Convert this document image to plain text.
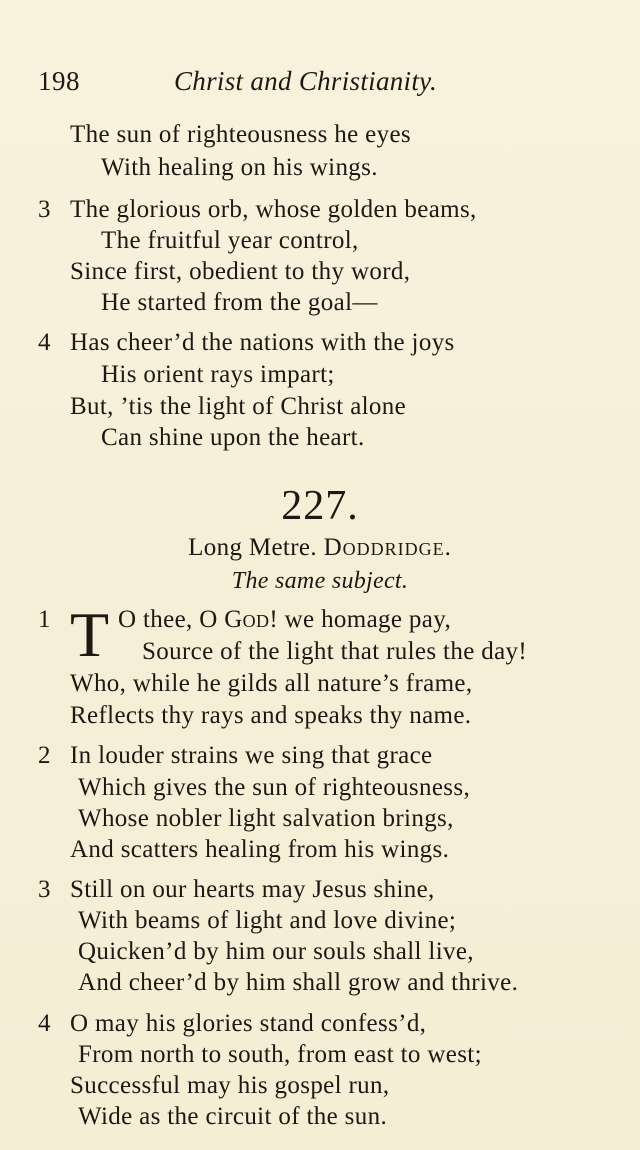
198	Christ and Christianity.
The sun of righteousness he eyes
With healing on his wings.
3 The glorious orb, whose golden beams,
The fruitful year control,
Since first, obedient to thy word,
He started from the goal—
4 Has cheer’d the nations with the joys
His orient rays impart;
But, ’tis the light of Christ alone
Can shine upon the heart.
227.
Long Metre. Doddridge.
The same subject.
1 T O thee, O God! we homage pay,
Source of the light that rules the day!
Who, while he gilds all nature’s frame,
Reflects thy rays and speaks thy name.
2 In louder strains we sing that grace
Which gives the sun of righteousness,
Whose nobler light salvation brings,
And scatters healing from his wings.
3 Still on our hearts may Jesus shine,
With beams of light and love divine;
Quicken’d by him our souls shall live,
And cheer’d by him shall grow and thrive.
4 O may his glories stand confess’d,
From north to south, from east to west;
Successful may his gospel run,
Wide as the circuit of the sun.
